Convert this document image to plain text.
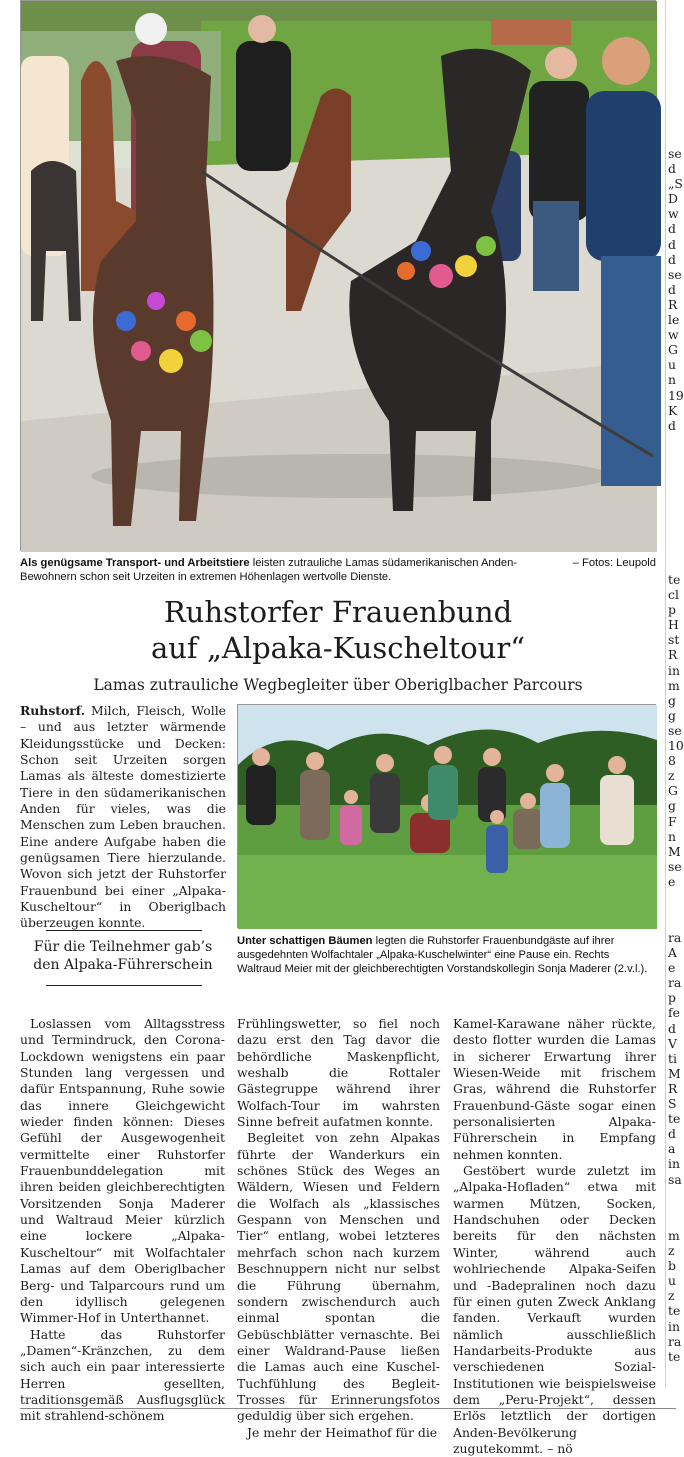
– Fotos: Leupold
Als genügsame Transport- und Arbeitstiere leisten zutrauliche Lamas südamerikanischen Anden-Bewohnern schon seit Urzeiten in extremen Höhenlagen wertvolle Dienste.
Ruhstorfer Frauenbund
auf „Alpaka-Kuscheltour“
Lamas zutrauliche Wegbegleiter über Oberiglbacher Parcours

Ruhstorf. Milch, Fleisch, Wolle – und aus letzter wärmende Kleidungsstücke und Decken: Schon seit Urzeiten sorgen Lamas als älteste domestizierte Tiere in den südamerikanischen Anden für vieles, was die Menschen zum Leben brauchen. Eine andere Aufgabe haben die genügsamen Tiere hierzulande. Wovon sich jetzt der Ruhstorfer Frauenbund bei einer „Alpaka-Kuscheltour“ in Oberiglbach überzeugen konnte.

Unter schattigen Bäumen legten die Ruhstorfer Frauenbundgäste auf ihrer ausgedehnten Wolfachtaler „Alpaka-Kuschelwinter“ eine Pause ein. Rechts Waltraud Meier mit der gleichberechtigten Vorstandskollegin Sonja Maderer (2.v.l.).
Für die Teilnehmer gab’s
den Alpaka-Führerschein

Loslassen vom Alltagsstress und Termindruck, den Corona-Lockdown wenigstens ein paar Stunden lang vergessen und dafür Entspannung, Ruhe sowie das innere Gleichgewicht wieder finden können: Dieses Gefühl der Ausgewogenheit vermittelte einer Ruhstorfer Frauenbunddelegation mit ihren beiden gleichberechtigten Vorsitzenden Sonja Maderer und Waltraud Meier kürzlich eine lockere „Alpaka-Kuscheltour“ mit Wolfachtaler Lamas auf dem Oberiglbacher Berg- und Talparcours rund um den idyllisch gelegenen Wimmer-Hof in Unterthannet.

Hatte das Ruhstorfer „Damen“-Kränzchen, zu dem sich auch ein paar interessierte Herren gesellten, traditionsgemäß Ausflugsglück mit strahlend-schönem

Frühlingswetter, so fiel noch dazu erst den Tag davor die behördliche Maskenpflicht, weshalb die Rottaler Gästegruppe während ihrer Wolfach-Tour im wahrsten Sinne befreit aufatmen konnte.

Begleitet von zehn Alpakas führte der Wanderkurs ein schönes Stück des Weges an Wäldern, Wiesen und Feldern die Wolfach als „klassisches Gespann von Menschen und Tier“ entlang, wobei letzteres mehrfach schon nach kurzem Beschnuppern nicht nur selbst die Führung übernahm, sondern zwischendurch auch einmal spontan die Gebüschblätter vernaschte. Bei einer Waldrand-Pause ließen die Lamas auch eine Kuschel-Tuchfühlung des Begleit-Trosses für Erinnerungsfotos geduldig über sich ergehen.

Je mehr der Heimathof für die

Kamel-Karawane näher rückte, desto flotter wurden die Lamas in sicherer Erwartung ihrer Wiesen-Weide mit frischem Gras, während die Ruhstorfer Frauenbund-Gäste sogar einen personalisierten Alpaka-Führerschein in Empfang nehmen konnten.

Gestöbert wurde zuletzt im „Alpaka-Hofladen“ etwa mit warmen Mützen, Socken, Handschuhen oder Decken bereits für den nächsten Winter, während auch wohlriechende Alpaka-Seifen und -Badepralinen noch dazu für einen guten Zweck Anklang fanden. Verkauft wurden nämlich ausschließlich Handarbeits-Produkte aus verschiedenen Sozial-Institutionen wie beispielsweise dem „Peru-Projekt“, dessen Erlös letztlich der dortigen Anden-Bevölkerung zugutekommt. – nö

se
d
„S
D
w
d
d
d
se
d
R
le
w
G
u
n
19
K
d
te
cl
p
H
st
R
in
m
g
g
se
10
8
z
G
g
F
n
M
se
e
ra
A
e
ra
p
fe
d
V
ti
M
R
S
te
d
a
in
sa
m
z
b
u
z
te
in
ra
te
